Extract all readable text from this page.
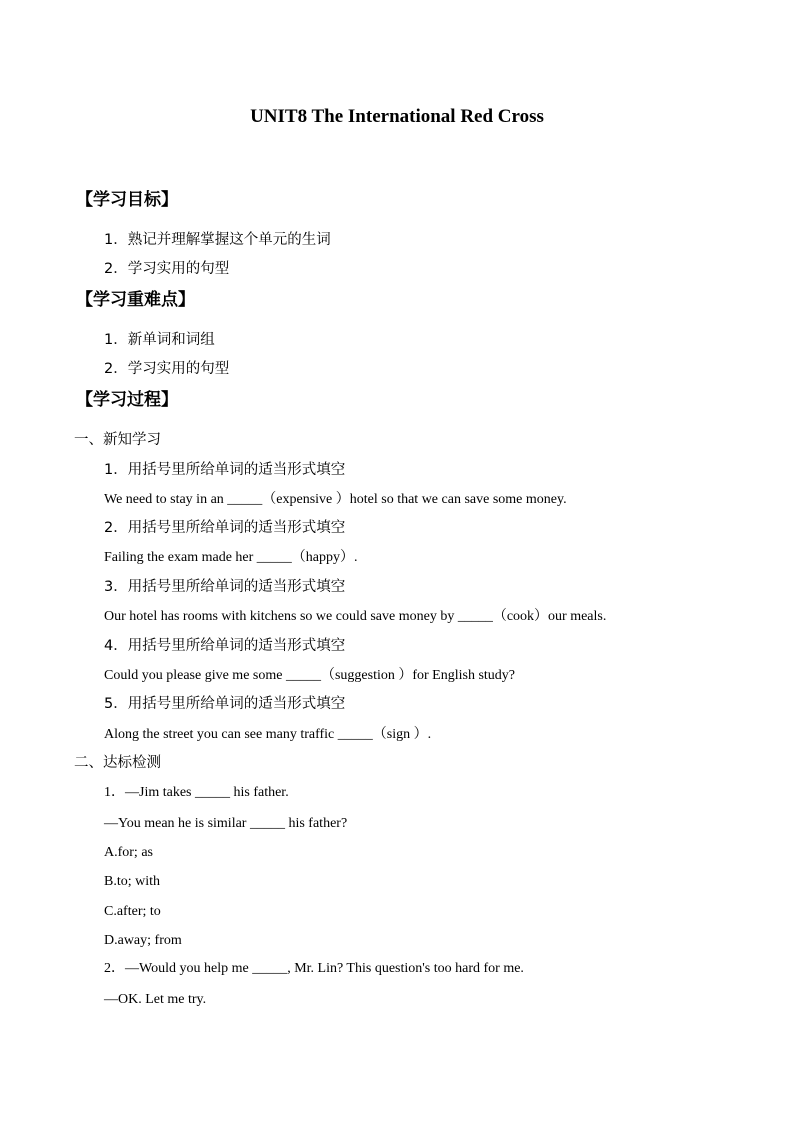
UNIT8 The International Red Cross
【学习目标】
1．熟记并理解掌握这个单元的生词
2．学习实用的句型
【学习重难点】
1．新单词和词组
2．学习实用的句型
【学习过程】
一、新知学习
1．用括号里所给单词的适当形式填空
We need to stay in an _____（expensive ）hotel so that we can save some money.
2．用括号里所给单词的适当形式填空
Failing the exam made her _____（happy）.
3．用括号里所给单词的适当形式填空
Our hotel has rooms with kitchens so we could save money by _____（cook）our meals.
4．用括号里所给单词的适当形式填空
Could you please give me some _____（suggestion ）for English study?
5．用括号里所给单词的适当形式填空
Along the street you can see many traffic _____（sign ）.
二、达标检测
1．—Jim takes _____ his father.
—You mean he is similar _____ his father?
A.for; as
B.to; with
C.after; to
D.away; from
2．—Would you help me _____, Mr. Lin? This question's too hard for me.
—OK. Let me try.
